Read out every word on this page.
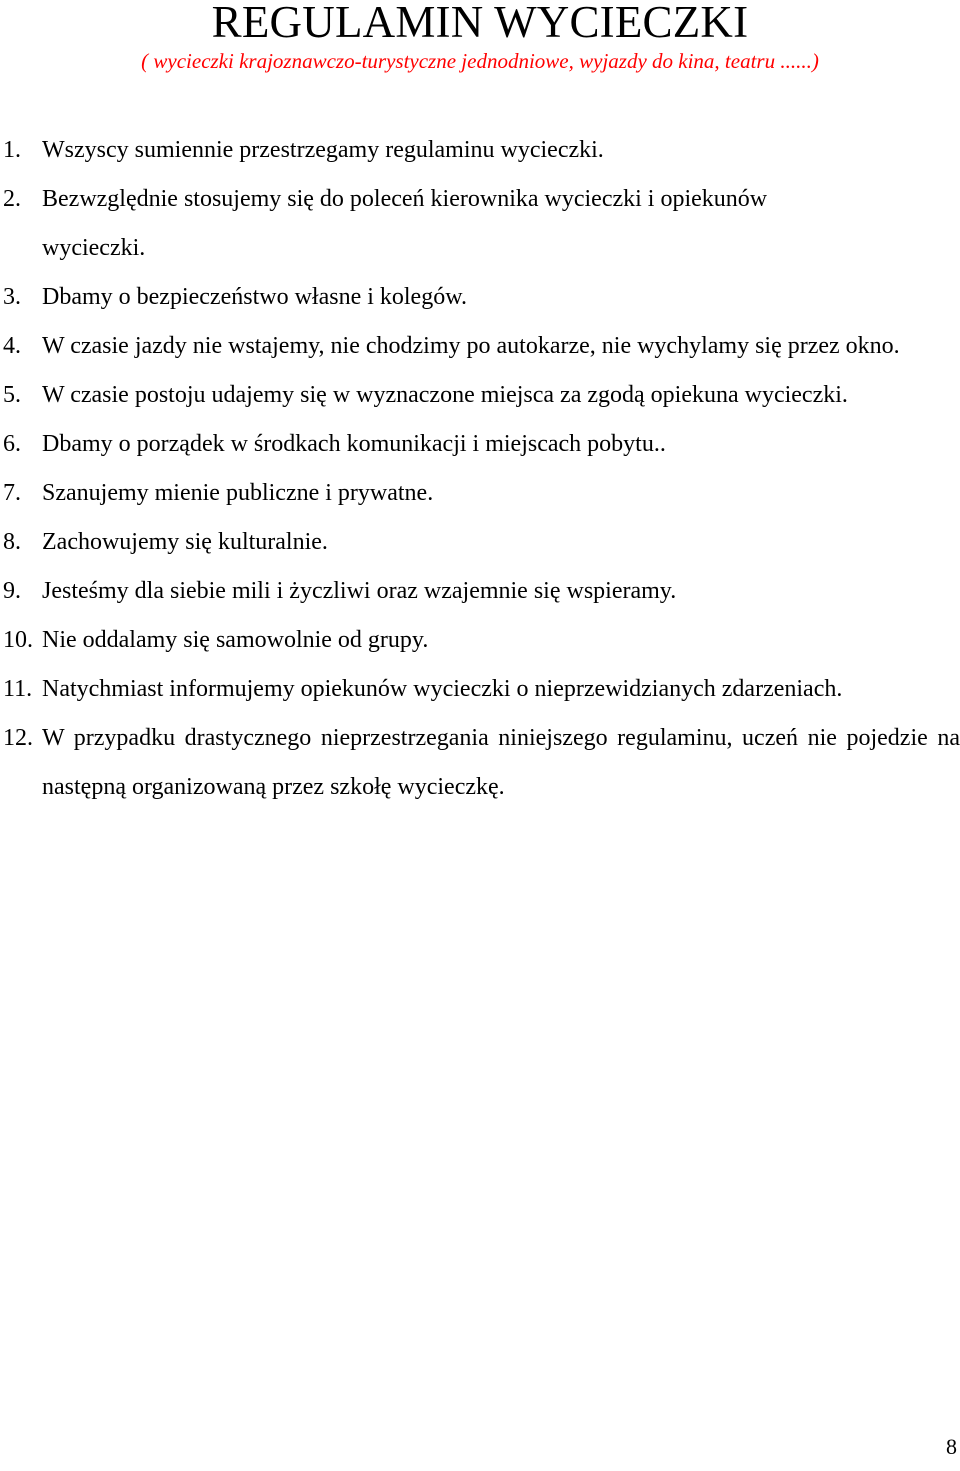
REGULAMIN WYCIECZKI
( wycieczki krajoznawczo-turystyczne jednodniowe, wyjazdy do kina, teatru ......)
1. Wszyscy sumiennie przestrzegamy regulaminu wycieczki.
2. Bezwzględnie stosujemy się do poleceń kierownika wycieczki i opiekunów wycieczki.
3. Dbamy o bezpieczeństwo własne i kolegów.
4. W czasie jazdy nie wstajemy, nie chodzimy po autokarze, nie wychylamy się przez okno.
5. W czasie postoju udajemy się w wyznaczone miejsca za zgodą opiekuna wycieczki.
6. Dbamy o porządek w środkach komunikacji i miejscach pobytu..
7. Szanujemy mienie publiczne i prywatne.
8. Zachowujemy się kulturalnie.
9. Jesteśmy dla siebie mili i życzliwi oraz wzajemnie się wspieramy.
10. Nie oddalamy się samowolnie od grupy.
11. Natychmiast informujemy opiekunów wycieczki o nieprzewidzianych zdarzeniach.
12. W przypadku drastycznego nieprzestrzegania niniejszego regulaminu, uczeń nie pojedzie na następną organizowaną przez szkołę wycieczkę.
8
